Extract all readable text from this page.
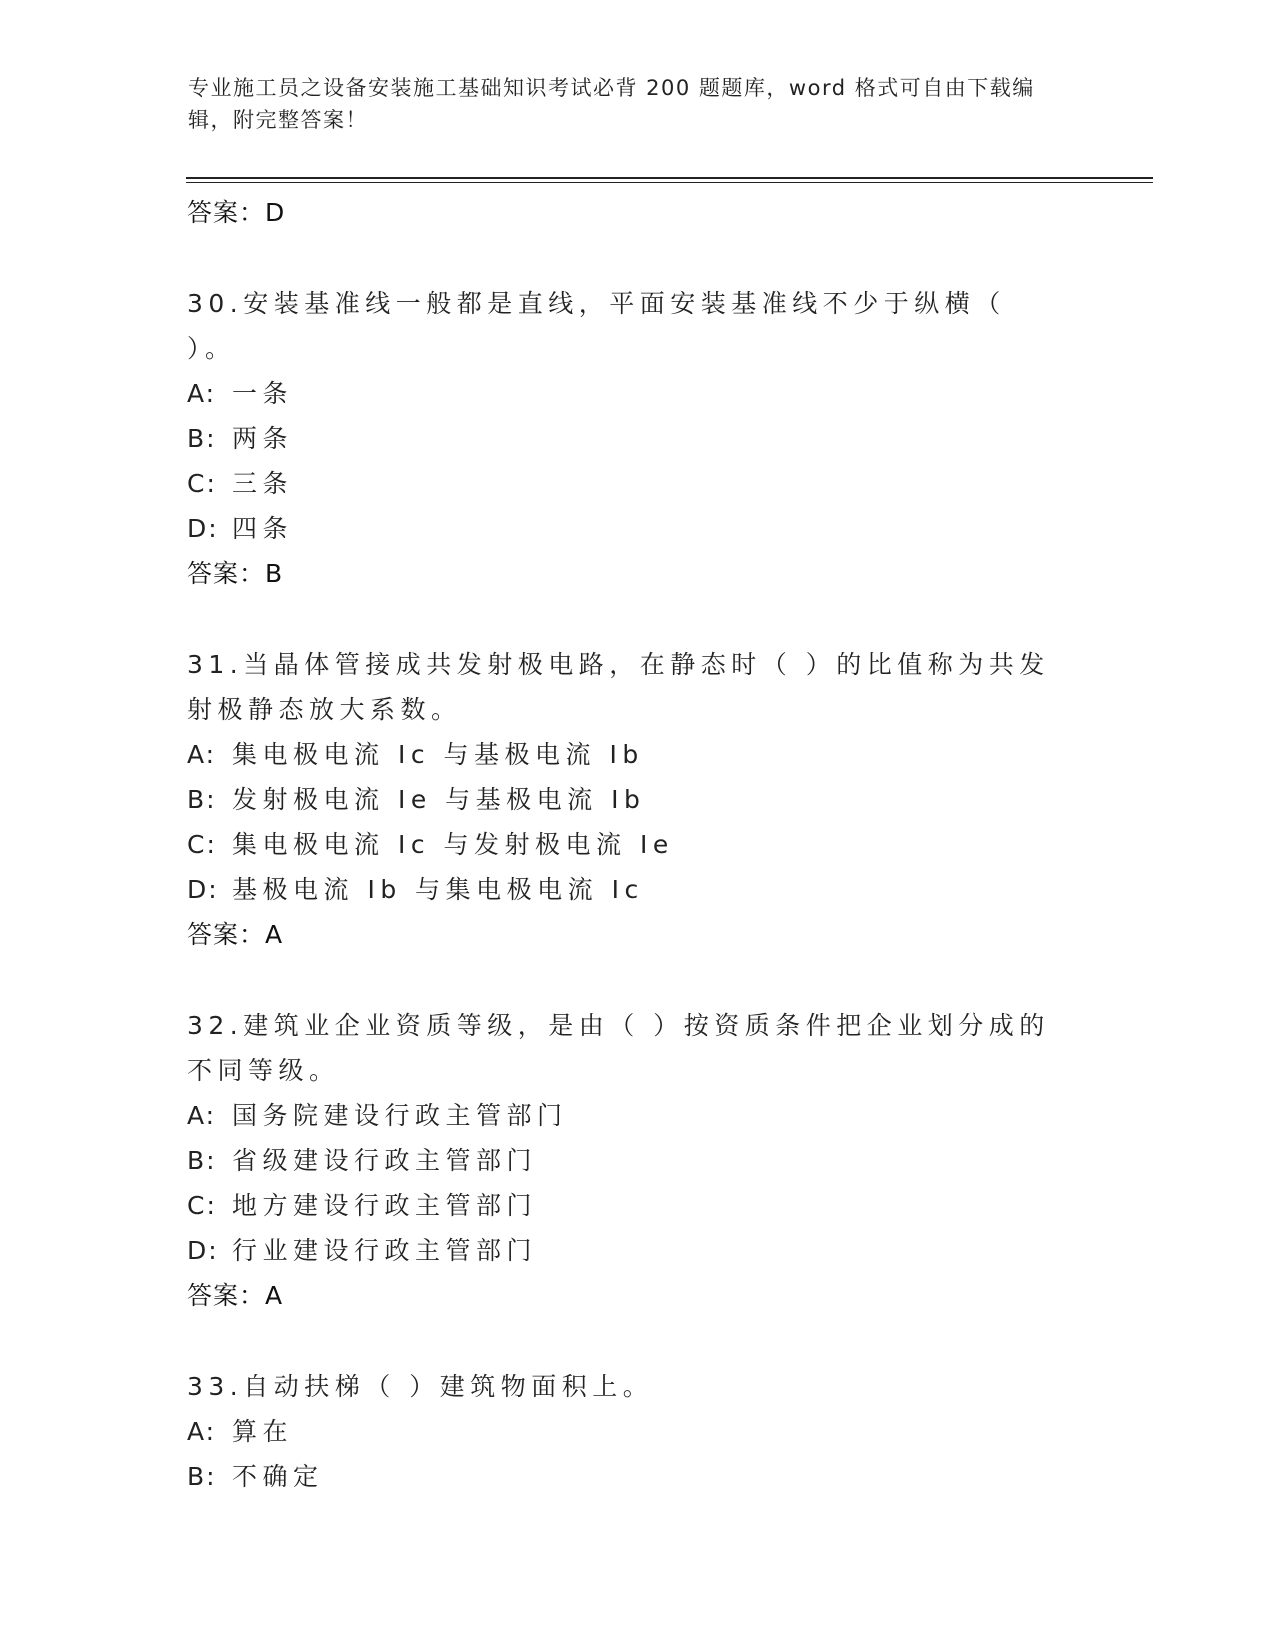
专业施工员之设备安装施工基础知识考试必背 200 题题库，word 格式可自由下载编辑，附完整答案！
答案：D
30.安装基准线一般都是直线，平面安装基准线不少于纵横（ ）。
A: 一条
B: 两条
C: 三条
D: 四条
答案：B
31.当晶体管接成共发射极电路，在静态时（ ）的比值称为共发射极静态放大系数。
A: 集电极电流 Ic 与基极电流 Ib
B: 发射极电流 Ie 与基极电流 Ib
C: 集电极电流 Ic 与发射极电流 Ie
D: 基极电流 Ib 与集电极电流 Ic
答案：A
32.建筑业企业资质等级，是由（ ）按资质条件把企业划分成的不同等级。
A: 国务院建设行政主管部门
B: 省级建设行政主管部门
C: 地方建设行政主管部门
D: 行业建设行政主管部门
答案：A
33.自动扶梯（ ）建筑物面积上。
A: 算在
B: 不确定
